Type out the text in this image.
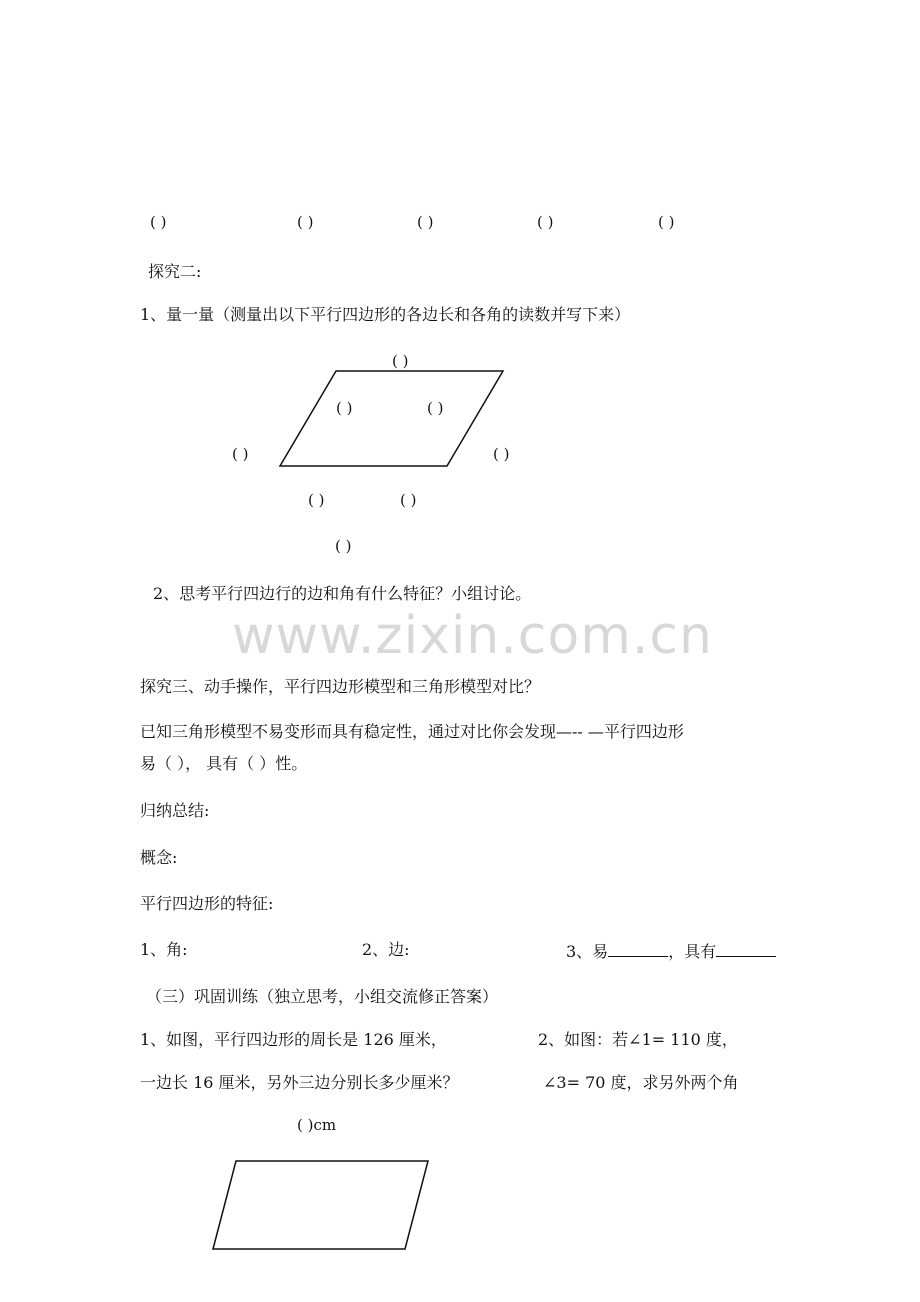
( )	( )	( )	( )	( )
探究二:
1、量一量（测量出以下平行四边形的各边长和各角的读数并写下来）
( )
( )	( )
( )	( )
( )	( )
( )
2、思考平行四边行的边和角有什么特征？小组讨论。
www.zixin.com.cn
探究三、动手操作，平行四边形模型和三角形模型对比？
已知三角形模型不易变形而具有稳定性，通过对比你会发现—-- —平行四边形
易（ ）， 具有（ ）性。
归纳总结:
概念:
平行四边形的特征:
1、角:	2、边:	3、易	，具有
（三）巩固训练（独立思考，小组交流修正答案）
1、如图，平行四边形的周长是 126 厘米，	2、如图：若∠1= 110 度，
一边长 16 厘米，另外三边分别长多少厘米？	∠3= 70 度，求另外两个角
( )cm
